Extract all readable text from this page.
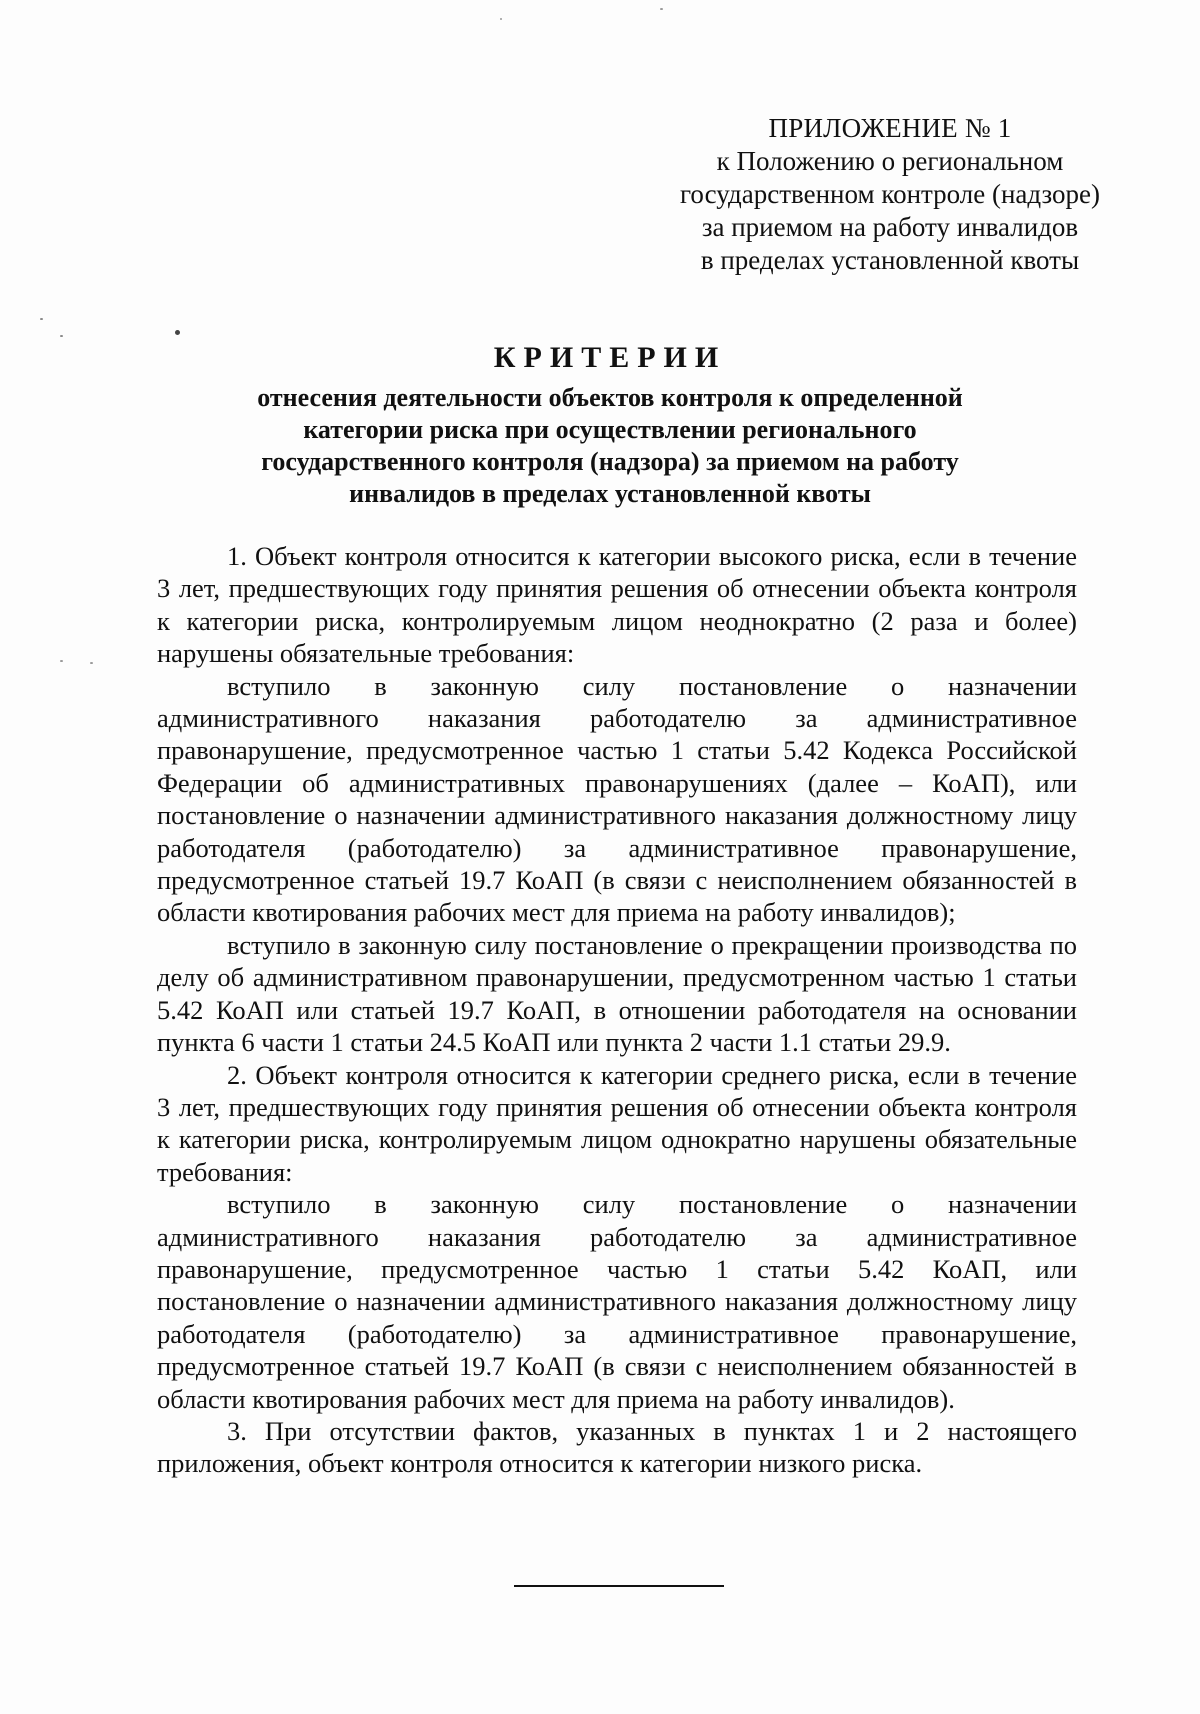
ПРИЛОЖЕНИЕ № 1
к Положению о региональном
государственном контроле (надзоре)
за приемом на работу инвалидов
в пределах установленной квоты
КРИТЕРИИ
отнесения деятельности объектов контроля к определенной
категории риска при осуществлении регионального
государственного контроля (надзора) за приемом на работу
инвалидов в пределах установленной квоты

1. Объект контроля относится к категории высокого риска, если в течение 3 лет, предшествующих году принятия решения об отнесении объекта контроля к категории риска, контролируемым лицом неоднократно (2 раза и более) нарушены обязательные требования:

вступило в законную силу постановление о назначении административного наказания работодателю за административное правонарушение, предусмотренное частью 1 статьи 5.42 Кодекса Российской Федерации об административных правонарушениях (далее – КоАП), или постановление о назначении административного наказания должностному лицу работодателя (работодателю) за административное правонарушение, предусмотренное статьей 19.7 КоАП (в связи с неисполнением обязанностей в области квотирования рабочих мест для приема на работу инвалидов);

вступило в законную силу постановление о прекращении производства по делу об административном правонарушении, предусмотренном частью 1 статьи 5.42 КоАП или статьей 19.7 КоАП, в отношении работодателя на основании пункта 6 части 1 статьи 24.5 КоАП или пункта 2 части 1.1 статьи 29.9.

2. Объект контроля относится к категории среднего риска, если в течение 3 лет, предшествующих году принятия решения об отнесении объекта контроля к категории риска, контролируемым лицом однократно нарушены обязательные требования:

вступило в законную силу постановление о назначении административного наказания работодателю за административное правонарушение, предусмотренное частью 1 статьи 5.42 КоАП, или постановление о назначении административного наказания должностному лицу работодателя (работодателю) за административное правонарушение, предусмотренное статьей 19.7 КоАП (в связи с неисполнением обязанностей в области квотирования рабочих мест для приема на работу инвалидов).

3. При отсутствии фактов, указанных в пунктах 1 и 2 настоящего приложения, объект контроля относится к категории низкого риска.
